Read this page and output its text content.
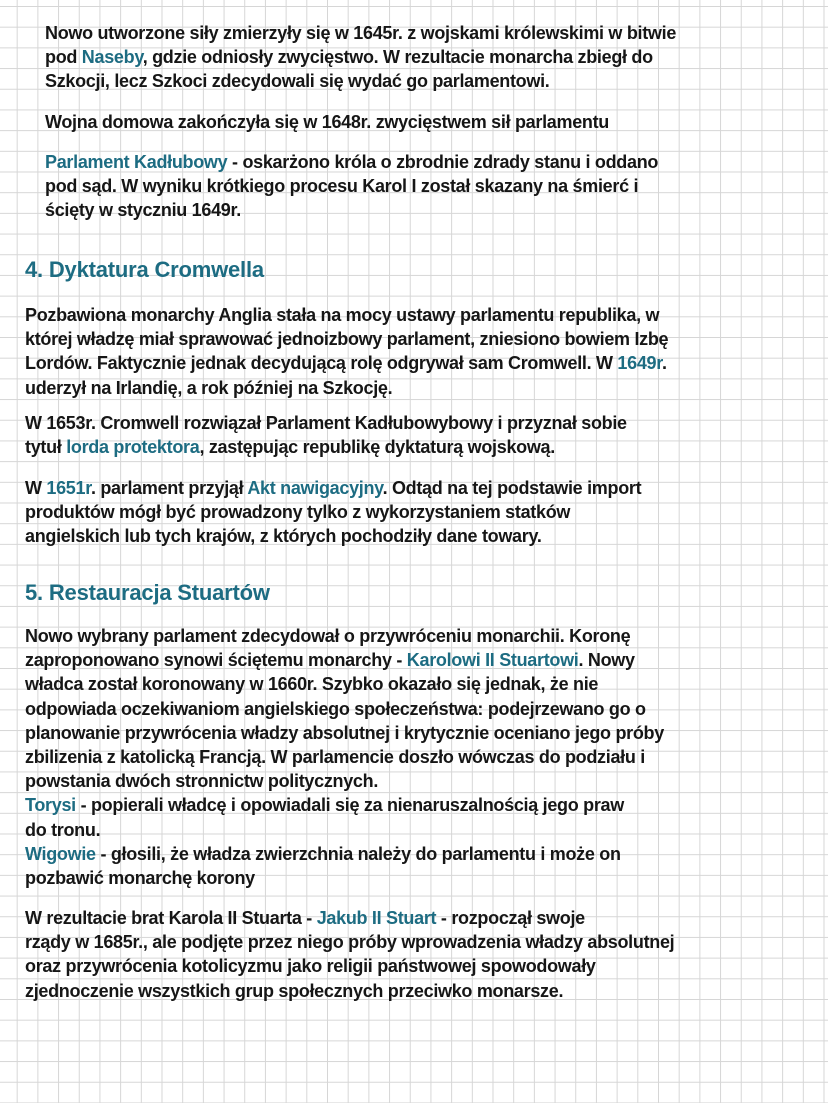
Nowo utworzone siły zmierzyły się w 1645r. z wojskami królewskimi w bitwie
pod Naseby, gdzie odniosły zwycięstwo. W rezultacie monarcha zbiegł do
Szkocji, lecz Szkoci zdecydowali się wydać go parlamentowi.
Wojna domowa zakończyła się w 1648r. zwycięstwem sił parlamentu
Parlament Kadłubowy - oskarżono króla o zbrodnie zdrady stanu i oddano
pod sąd. W wyniku krótkiego procesu Karol I został skazany na śmierć i
ścięty w styczniu 1649r.
4. Dyktatura Cromwella
Pozbawiona monarchy Anglia stała na mocy ustawy parlamentu republika, w
której władzę miał sprawować jednoizbowy parlament, zniesiono bowiem Izbę
Lordów. Faktycznie jednak decydującą rolę odgrywał sam Cromwell. W 1649r.
uderzył na Irlandię, a rok później na Szkocję.
W 1653r. Cromwell rozwiązał Parlament Kadłubowybowy i przyznał sobie
tytuł lorda protektora, zastępując republikę dyktaturą wojskową.
W 1651r. parlament przyjął Akt nawigacyjny. Odtąd na tej podstawie import
produktów mógł być prowadzony tylko z wykorzystaniem statków
angielskich lub tych krajów, z których pochodziły dane towary.
5. Restauracja Stuartów
Nowo wybrany parlament zdecydował o przywróceniu monarchii. Koronę
zaproponowano synowi ściętemu monarchy - Karolowi II Stuartowi. Nowy
władca został koronowany w 1660r. Szybko okazało się jednak, że nie
odpowiada oczekiwaniom angielskiego społeczeństwa: podejrzewano go o
planowanie przywrócenia władzy absolutnej i krytycznie oceniano jego próby
zbilizenia z katolicką Francją. W parlamencie doszło wówczas do podziału i
powstania dwóch stronnictw politycznych.
Torysi - popierali władcę i opowiadali się za nienaruszalnością jego praw
do tronu.
Wigowie - głosili, że władza zwierzchnia należy do parlamentu i może on
pozbawić monarchę korony
W rezultacie brat Karola II Stuarta - Jakub II Stuart - rozpoczął swoje
rządy w 1685r., ale podjęte przez niego próby wprowadzenia władzy absolutnej
oraz przywrócenia kotolicyzmu jako religii państwowej spowodowały
zjednoczenie wszystkich grup społecznych przeciwko monarsze.
